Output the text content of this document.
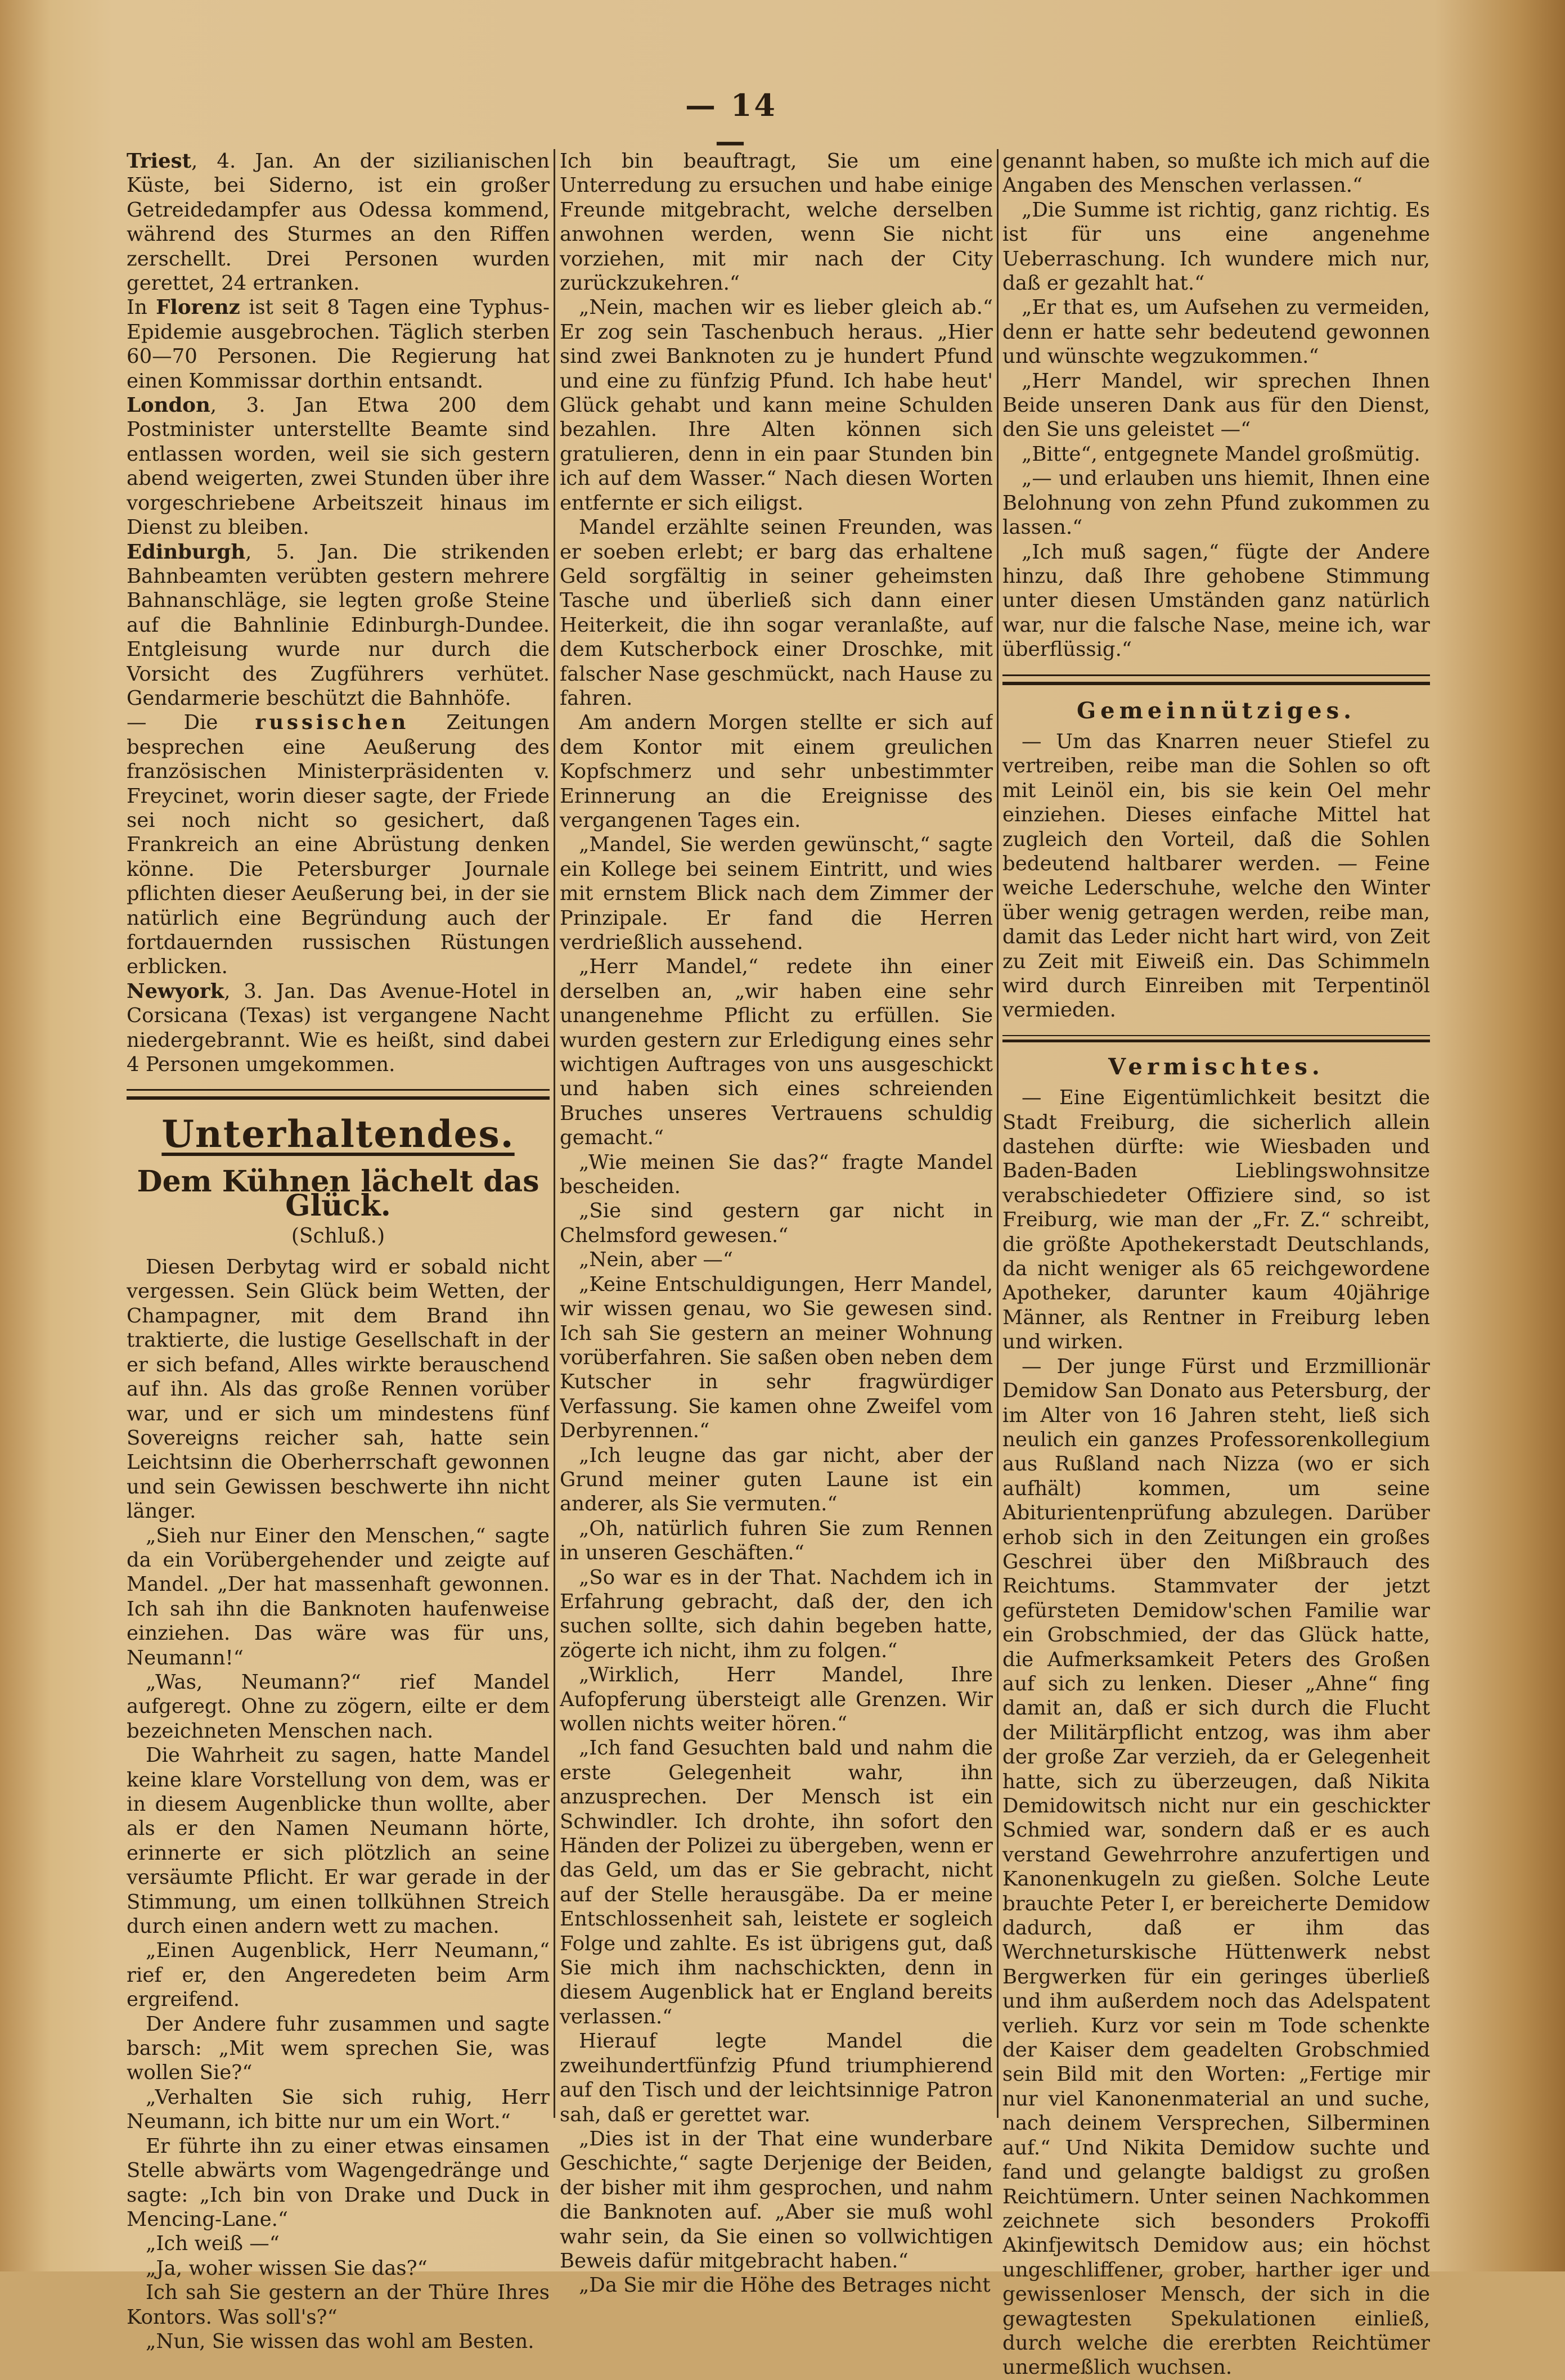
— 14 —

Triest, 4. Jan. An der sizilianischen Küste, bei Siderno, ist ein großer Getreidedampfer aus Odessa kommend, während des Sturmes an den Riffen zerschellt. Drei Personen wurden gerettet, 24 ertranken.

In Florenz ist seit 8 Tagen eine Typhus-Epidemie ausgebrochen. Täglich sterben 60—70 Personen. Die Regierung hat einen Kommissar dorthin entsandt.

London, 3. Jan Etwa 200 dem Postminister unterstellte Beamte sind entlassen worden, weil sie sich gestern abend weigerten, zwei Stunden über ihre vorgeschriebene Arbeitszeit hinaus im Dienst zu bleiben.

Edinburgh, 5. Jan. Die strikenden Bahnbeamten verübten gestern mehrere Bahnanschläge, sie legten große Steine auf die Bahnlinie Edinburgh-Dundee. Entgleisung wurde nur durch die Vorsicht des Zugführers verhütet. Gendarmerie beschützt die Bahnhöfe.

— Die russischen Zeitungen besprechen eine Aeußerung des französischen Ministerpräsidenten v. Freycinet, worin dieser sagte, der Friede sei noch nicht so gesichert, daß Frankreich an eine Abrüstung denken könne. Die Petersburger Journale pflichten dieser Aeußerung bei, in der sie natürlich eine Begründung auch der fortdauernden russischen Rüstungen erblicken.

Newyork, 3. Jan. Das Avenue-Hotel in Corsicana (Texas) ist vergangene Nacht niedergebrannt. Wie es heißt, sind dabei 4 Personen umgekommen.

Unterhaltendes.
Dem Kühnen lächelt das Glück.
(Schluß.)

Diesen Derbytag wird er sobald nicht vergessen. Sein Glück beim Wetten, der Champagner, mit dem Brand ihn traktierte, die lustige Gesellschaft in der er sich befand, Alles wirkte berauschend auf ihn. Als das große Rennen vorüber war, und er sich um mindestens fünf Sovereigns reicher sah, hatte sein Leichtsinn die Oberherrschaft gewonnen und sein Gewissen beschwerte ihn nicht länger.

„Sieh nur Einer den Menschen,“ sagte da ein Vorübergehender und zeigte auf Mandel. „Der hat massenhaft gewonnen. Ich sah ihn die Banknoten haufenweise einziehen. Das wäre was für uns, Neumann!“

„Was, Neumann?“ rief Mandel aufgeregt. Ohne zu zögern, eilte er dem bezeichneten Menschen nach.

Die Wahrheit zu sagen, hatte Mandel keine klare Vorstellung von dem, was er in diesem Augenblicke thun wollte, aber als er den Namen Neumann hörte, erinnerte er sich plötzlich an seine versäumte Pflicht. Er war gerade in der Stimmung, um einen tollkühnen Streich durch einen andern wett zu machen.

„Einen Augenblick, Herr Neumann,“ rief er, den Angeredeten beim Arm ergreifend.

Der Andere fuhr zusammen und sagte barsch: „Mit wem sprechen Sie, was wollen Sie?“

„Verhalten Sie sich ruhig, Herr Neumann, ich bitte nur um ein Wort.“

Er führte ihn zu einer etwas einsamen Stelle abwärts vom Wagengedränge und sagte: „Ich bin von Drake und Duck in Mencing-Lane.“

„Ich weiß —“

„Ja, woher wissen Sie das?“

Ich sah Sie gestern an der Thüre Ihres Kontors. Was soll's?“

„Nun, Sie wissen das wohl am Besten.

Ich bin beauftragt, Sie um eine Unterredung zu ersuchen und habe einige Freunde mitgebracht, welche derselben anwohnen werden, wenn Sie nicht vorziehen, mit mir nach der City zurückzukehren.“

„Nein, machen wir es lieber gleich ab.“ Er zog sein Taschenbuch heraus. „Hier sind zwei Banknoten zu je hundert Pfund und eine zu fünfzig Pfund. Ich habe heut' Glück gehabt und kann meine Schulden bezahlen. Ihre Alten können sich gratulieren, denn in ein paar Stunden bin ich auf dem Wasser.“ Nach diesen Worten entfernte er sich eiligst.

Mandel erzählte seinen Freunden, was er soeben erlebt; er barg das erhaltene Geld sorgfältig in seiner geheimsten Tasche und überließ sich dann einer Heiterkeit, die ihn sogar veranlaßte, auf dem Kutscherbock einer Droschke, mit falscher Nase geschmückt, nach Hause zu fahren.

Am andern Morgen stellte er sich auf dem Kontor mit einem greulichen Kopfschmerz und sehr unbestimmter Erinnerung an die Ereignisse des vergangenen Tages ein.

„Mandel, Sie werden gewünscht,“ sagte ein Kollege bei seinem Eintritt, und wies mit ernstem Blick nach dem Zimmer der Prinzipale. Er fand die Herren verdrießlich aussehend.

„Herr Mandel,“ redete ihn einer derselben an, „wir haben eine sehr unangenehme Pflicht zu erfüllen. Sie wurden gestern zur Erledigung eines sehr wichtigen Auftrages von uns ausgeschickt und haben sich eines schreienden Bruches unseres Vertrauens schuldig gemacht.“

„Wie meinen Sie das?“ fragte Mandel bescheiden.

„Sie sind gestern gar nicht in Chelmsford gewesen.“

„Nein, aber —“

„Keine Entschuldigungen, Herr Mandel, wir wissen genau, wo Sie gewesen sind. Ich sah Sie gestern an meiner Wohnung vorüberfahren. Sie saßen oben neben dem Kutscher in sehr fragwürdiger Verfassung. Sie kamen ohne Zweifel vom Derbyrennen.“

„Ich leugne das gar nicht, aber der Grund meiner guten Laune ist ein anderer, als Sie vermuten.“

„Oh, natürlich fuhren Sie zum Rennen in unseren Geschäften.“

„So war es in der That. Nachdem ich in Erfahrung gebracht, daß der, den ich suchen sollte, sich dahin begeben hatte, zögerte ich nicht, ihm zu folgen.“

„Wirklich, Herr Mandel, Ihre Aufopferung übersteigt alle Grenzen. Wir wollen nichts weiter hören.“

„Ich fand Gesuchten bald und nahm die erste Gelegenheit wahr, ihn anzusprechen. Der Mensch ist ein Schwindler. Ich drohte, ihn sofort den Händen der Polizei zu übergeben, wenn er das Geld, um das er Sie gebracht, nicht auf der Stelle herausgäbe. Da er meine Entschlossenheit sah, leistete er sogleich Folge und zahlte. Es ist übrigens gut, daß Sie mich ihm nachschickten, denn in diesem Augenblick hat er England bereits verlassen.“

Hierauf legte Mandel die zweihundertfünfzig Pfund triumphierend auf den Tisch und der leichtsinnige Patron sah, daß er gerettet war.

„Dies ist in der That eine wunderbare Geschichte,“ sagte Derjenige der Beiden, der bisher mit ihm gesprochen, und nahm die Banknoten auf. „Aber sie muß wohl wahr sein, da Sie einen so vollwichtigen Beweis dafür mitgebracht haben.“

„Da Sie mir die Höhe des Betrages nicht

genannt haben, so mußte ich mich auf die Angaben des Menschen verlassen.“

„Die Summe ist richtig, ganz richtig. Es ist für uns eine angenehme Ueberraschung. Ich wundere mich nur, daß er gezahlt hat.“

„Er that es, um Aufsehen zu vermeiden, denn er hatte sehr bedeutend gewonnen und wünschte wegzukommen.“

„Herr Mandel, wir sprechen Ihnen Beide unseren Dank aus für den Dienst, den Sie uns geleistet —“

„Bitte“, entgegnete Mandel großmütig.

„— und erlauben uns hiemit, Ihnen eine Belohnung von zehn Pfund zukommen zu lassen.“

„Ich muß sagen,“ fügte der Andere hinzu, daß Ihre gehobene Stimmung unter diesen Umständen ganz natürlich war, nur die falsche Nase, meine ich, war überflüssig.“

Gemeinnütziges.

— Um das Knarren neuer Stiefel zu vertreiben, reibe man die Sohlen so oft mit Leinöl ein, bis sie kein Oel mehr einziehen. Dieses einfache Mittel hat zugleich den Vorteil, daß die Sohlen bedeutend haltbarer werden. — Feine weiche Lederschuhe, welche den Winter über wenig getragen werden, reibe man, damit das Leder nicht hart wird, von Zeit zu Zeit mit Eiweiß ein. Das Schimmeln wird durch Einreiben mit Terpentinöl vermieden.

Vermischtes.

— Eine Eigentümlichkeit besitzt die Stadt Freiburg, die sicherlich allein dastehen dürfte: wie Wiesbaden und Baden-Baden Lieblingswohnsitze verabschiedeter Offiziere sind, so ist Freiburg, wie man der „Fr. Z.“ schreibt, die größte Apothekerstadt Deutschlands, da nicht weniger als 65 reichgewordene Apotheker, darunter kaum 40jährige Männer, als Rentner in Freiburg leben und wirken.

— Der junge Fürst und Erzmillionär Demidow San Donato aus Petersburg, der im Alter von 16 Jahren steht, ließ sich neulich ein ganzes Professorenkollegium aus Rußland nach Nizza (wo er sich aufhält) kommen, um seine Abiturientenprüfung abzulegen. Darüber erhob sich in den Zeitungen ein großes Geschrei über den Mißbrauch des Reichtums. Stammvater der jetzt gefürsteten Demidow'schen Familie war ein Grobschmied, der das Glück hatte, die Aufmerksamkeit Peters des Großen auf sich zu lenken. Dieser „Ahne“ fing damit an, daß er sich durch die Flucht der Militärpflicht entzog, was ihm aber der große Zar verzieh, da er Gelegenheit hatte, sich zu überzeugen, daß Nikita Demidowitsch nicht nur ein geschickter Schmied war, sondern daß er es auch verstand Gewehrrohre anzufertigen und Kanonenkugeln zu gießen. Solche Leute brauchte Peter I, er bereicherte Demidow dadurch, daß er ihm das Werchneturskische Hüttenwerk nebst Bergwerken für ein geringes überließ und ihm außerdem noch das Adelspatent verlieh. Kurz vor sein m Tode schenkte der Kaiser dem geadelten Grobschmied sein Bild mit den Worten: „Fertige mir nur viel Kanonenmaterial an und suche, nach deinem Versprechen, Silberminen auf.“ Und Nikita Demidow suchte und fand und gelangte baldigst zu großen Reichtümern. Unter seinen Nachkommen zeichnete sich besonders Prokoffi Akinfjewitsch Demidow aus; ein höchst ungeschliffener, grober, harther iger und gewissenloser Mensch, der sich in die gewagtesten Spekulationen einließ, durch welche die ererbten Reichtümer unermeßlich wuchsen.
